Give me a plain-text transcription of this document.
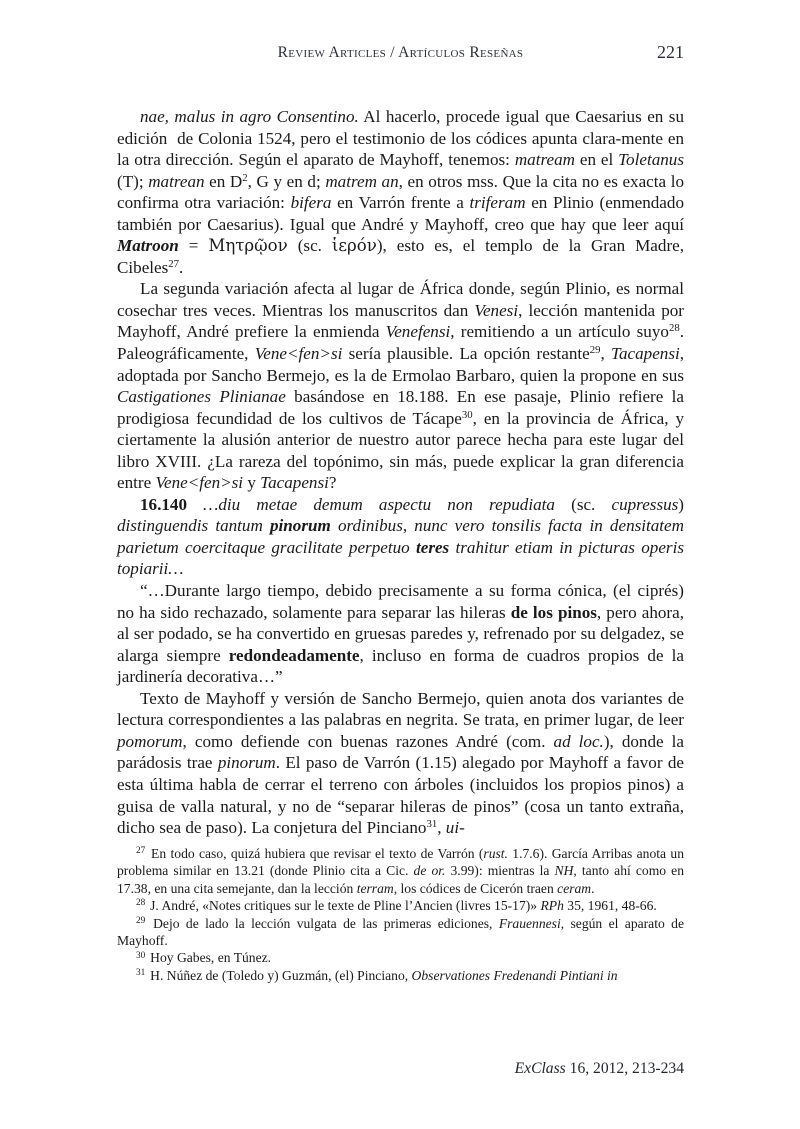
Review Articles / Artículos Reseñas	221

nae, malus in agro Consentino. Al hacerlo, procede igual que Caesarius en su edición  de Colonia 1524, pero el testimonio de los códices apunta clara-mente en la otra dirección. Según el aparato de Mayhoff, tenemos: matream en el Toletanus (T); matrean en D$^2$, G y en d; matrem an, en otros mss. Que la cita no es exacta lo confirma otra variación: bifera en Varrón frente a triferam en Plinio (enmendado también por Caesarius). Igual que André y Mayhoff, creo que hay que leer aquí Matroon = Μητρῷον (sc. ἱερόν), esto es, el templo de la Gran Madre, Cibeles$^{27}$.

La segunda variación afecta al lugar de África donde, según Plinio, es normal cosechar tres veces. Mientras los manuscritos dan Venesi, lección mantenida por Mayhoff, André prefiere la enmienda Venefensi, remitiendo a un artículo suyo$^{28}$. Paleográficamente, Vene<fen>si sería plausible. La opción restante$^{29}$, Tacapensi, adoptada por Sancho Bermejo, es la de Ermolao Barbaro, quien la propone en sus Castigationes Plinianae basándose en 18.188. En ese pasaje, Plinio refiere la prodigiosa fecundidad de los cultivos de Tácape$^{30}$, en la provincia de África, y ciertamente la alusión anterior de nuestro autor parece hecha para este lugar del libro XVIII. ¿La rareza del topónimo, sin más, puede explicar la gran diferencia entre Vene<fen>si y Tacapensi?

16.140 …diu metae demum aspectu non repudiata (sc. cupressus) distinguendis tantum pinorum ordinibus, nunc vero tonsilis facta in densitatem parietum coercitaque gracilitate perpetuo teres trahitur etiam in picturas operis topiarii…

“…Durante largo tiempo, debido precisamente a su forma cónica, (el ciprés) no ha sido rechazado, solamente para separar las hileras de los pinos, pero ahora, al ser podado, se ha convertido en gruesas paredes y, refrenado por su delgadez, se alarga siempre redondeadamente, incluso en forma de cuadros propios de la jardinería decorativa…”

Texto de Mayhoff y versión de Sancho Bermejo, quien anota dos variantes de lectura correspondientes a las palabras en negrita. Se trata, en primer lugar, de leer pomorum, como defiende con buenas razones André (com. ad loc.), donde la parádosis trae pinorum. El paso de Varrón (1.15) alegado por Mayhoff a favor de esta última habla de cerrar el terreno con árboles (incluidos los propios pinos) a guisa de valla natural, y no de “separar hileras de pinos” (cosa un tanto extraña, dicho sea de paso). La conjetura del Pinciano$^{31}$, ui-

$^{27}$ En todo caso, quizá hubiera que revisar el texto de Varrón (rust. 1.7.6). García Arribas anota un problema similar en 13.21 (donde Plinio cita a Cic. de or. 3.99): mientras la NH, tanto ahí como en 17.38, en una cita semejante, dan la lección terram, los códices de Cicerón traen ceram.

$^{28}$ J. André, «Notes critiques sur le texte de Pline l’Ancien (livres 15-17)» RPh 35, 1961, 48-66.

$^{29}$ Dejo de lado la lección vulgata de las primeras ediciones, Frauennesi, según el aparato de Mayhoff.

$^{30}$ Hoy Gabes, en Túnez.

$^{31}$ H. Núñez de (Toledo y) Guzmán, (el) Pinciano, Observationes Fredenandi Pintiani in

ExClass 16, 2012, 213-234
